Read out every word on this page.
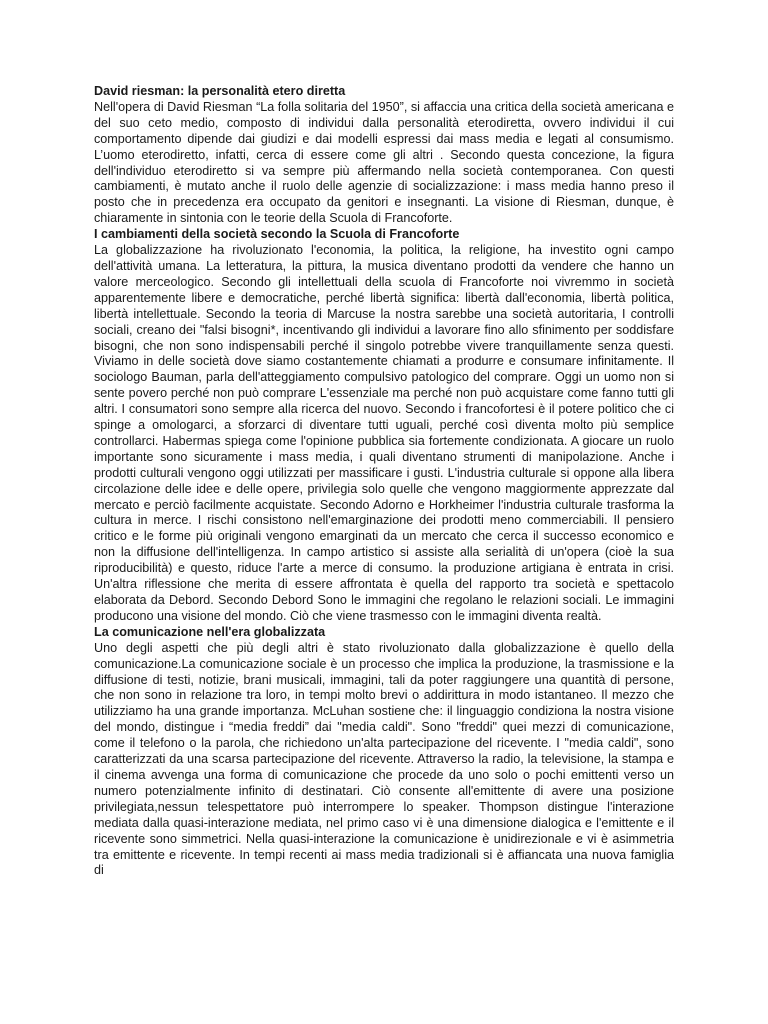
David riesman: la personalità etero diretta

Nell'opera di David Riesman “La folla solitaria del 1950”, si affaccia una critica della società americana e del suo ceto medio, composto di individui dalla personalità eterodiretta, ovvero individui il cui comportamento dipende dai giudizi e dai modelli espressi dai mass media e legati al consumismo. L’uomo eterodiretto, infatti, cerca di essere come gli altri . Secondo questa concezione, la figura dell'individuo eterodiretto si va sempre più affermando nella società contemporanea. Con questi cambiamenti, è mutato anche il ruolo delle agenzie di socializzazione: i mass media hanno preso il posto che in precedenza era occupato da genitori e insegnanti. La visione di Riesman, dunque, è chiaramente in sintonia con le teorie della Scuola di Francoforte.

I cambiamenti della società secondo la Scuola di Francoforte

La globalizzazione ha rivoluzionato l'economia, la politica, la religione, ha investito ogni campo dell'attività umana. La letteratura, la pittura, la musica diventano prodotti da vendere che hanno un valore merceologico. Secondo gli intellettuali della scuola di Francoforte noi vivremmo in società apparentemente libere e democratiche, perché libertà significa: libertà dall'economia, libertà politica, libertà intellettuale. Secondo la teoria di Marcuse la nostra sarebbe una società autoritaria, I controlli sociali, creano dei "falsi bisogni*, incentivando gli individui a lavorare fino allo sfinimento per soddisfare bisogni, che non sono indispensabili perché il singolo potrebbe vivere tranquillamente senza questi. Viviamo in delle società dove siamo costantemente chiamati a produrre e consumare infinitamente. Il sociologo Bauman, parla dell'atteggiamento compulsivo patologico del comprare. Oggi un uomo non si sente povero perché non può comprare L'essenziale ma perché non può acquistare come fanno tutti gli altri. I consumatori sono sempre alla ricerca del nuovo. Secondo i francofortesi è il potere politico che ci spinge a omologarci, a sforzarci di diventare tutti uguali, perché così diventa molto più semplice controllarci. Habermas spiega come l'opinione pubblica sia fortemente condizionata. A giocare un ruolo importante sono sicuramente i mass media, i quali diventano strumenti di manipolazione. Anche i prodotti culturali vengono oggi utilizzati per massificare i gusti. L'industria culturale si oppone alla libera circolazione delle idee e delle opere, privilegia solo quelle che vengono maggiormente apprezzate dal mercato e perciò facilmente acquistate. Secondo Adorno e Horkheimer l'industria culturale trasforma la cultura in merce. I rischi consistono nell'emarginazione dei prodotti meno commerciabili. Il pensiero critico e le forme più originali vengono emarginati da un mercato che cerca il successo economico e non la diffusione dell'intelligenza. In campo artistico si assiste alla serialità di un'opera (cioè la sua riproducibilità) e questo, riduce l'arte a merce di consumo. la produzione artigiana è entrata in crisi. Un'altra riflessione che merita di essere affrontata è quella del rapporto tra società e spettacolo elaborata da Debord. Secondo Debord Sono le immagini che regolano le relazioni sociali. Le immagini producono una visione del mondo. Ciò che viene trasmesso con le immagini diventa realtà.

La comunicazione nell'era globalizzata

Uno degli aspetti che più degli altri è stato rivoluzionato dalla globalizzazione è quello della comunicazione.La comunicazione sociale è un processo che implica la produzione, la trasmissione e la diffusione di testi, notizie, brani musicali, immagini, tali da poter raggiungere una quantità di persone, che non sono in relazione tra loro, in tempi molto brevi o addirittura in modo istantaneo. Il mezzo che utilizziamo ha una grande importanza. McLuhan sostiene che: il linguaggio condiziona la nostra visione del mondo, distingue i “media freddi” dai "media caldi". Sono "freddi" quei mezzi di comunicazione, come il telefono o la parola, che richiedono un'alta partecipazione del ricevente. I "media caldi", sono caratterizzati da una scarsa partecipazione del ricevente. Attraverso la radio, la televisione, la stampa e il cinema avvenga una forma di comunicazione che procede da uno solo o pochi emittenti verso un numero potenzialmente infinito di destinatari. Ciò consente all'emittente di avere una posizione privilegiata,nessun telespettatore può interrompere lo speaker. Thompson distingue l'interazione mediata dalla quasi-interazione mediata, nel primo caso vi è una dimensione dialogica e l'emittente e il ricevente sono simmetrici. Nella quasi-interazione la comunicazione è unidirezionale e vi è asimmetria tra emittente e ricevente. In tempi recenti ai mass media tradizionali si è affiancata una nuova famiglia di
